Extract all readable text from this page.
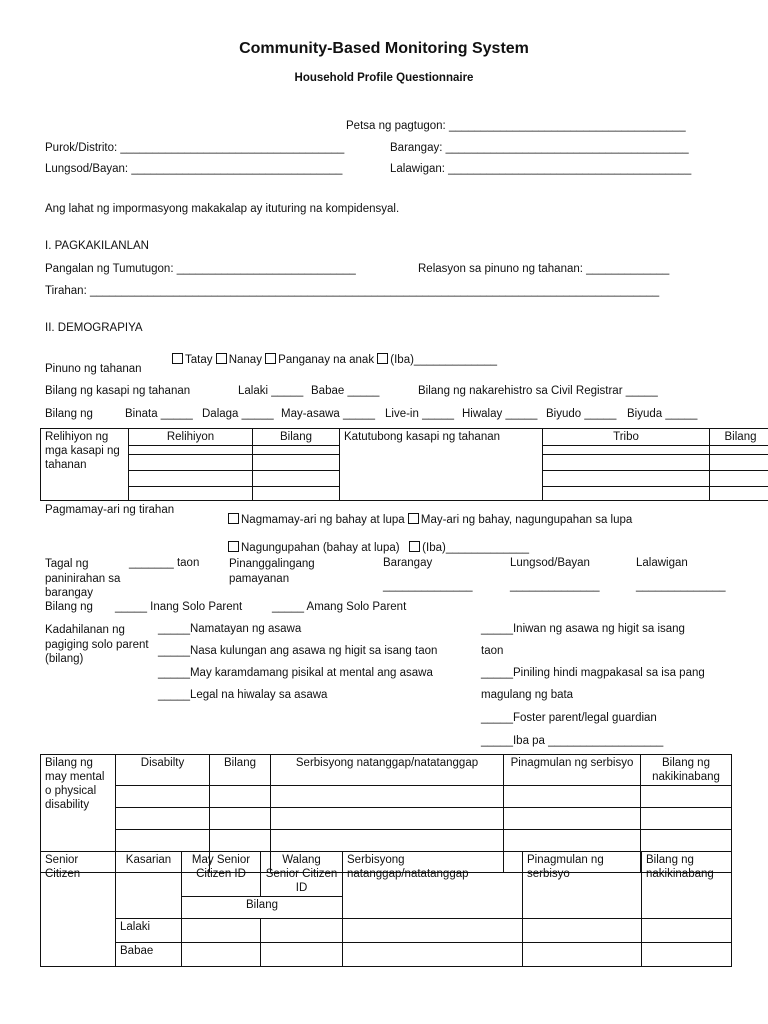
Community-Based Monitoring System
Household Profile Questionnaire
Petsa ng pagtugon: _____________________________________
Purok/Distrito: ___________________________________	Barangay: ______________________________________
Lungsod/Bayan: _________________________________	Lalawigan: ______________________________________
Ang lahat ng impormasyong makakalap ay ituturing na kompidensyal.
I. PAGKAKILANLAN
Pangalan ng Tumutugon: ____________________________	Relasyon sa pinuno ng tahanan: _____________
Tirahan: _________________________________________________________________________________________
II. DEMOGRAPIYA
Pinuno ng tahanan
Tatay Nanay Panganay na anak (Iba)_____________
Bilang ng kasapi ng tahanan	Lalaki _____ Babae _____	Bilang ng nakarehistro sa Civil Registrar _____
Bilang ng	Binata _____ Dalaga _____ May-asawa _____ Live-in _____ Hiwalay _____ Biyudo _____ Biyuda _____
Relihiyon ng mga kasapi ng tahanan	Relihiyon	Bilang	Katutubong kasapi ng tahanan	Tribo	Bilang

Pagmamay-ari ng tirahan
Nagmamay-ari ng bahay at lupa May-ari ng bahay, nagungupahan sa lupa
Nagungupahan (bahay at lupa) (Iba)_____________
Tagal ng paninirahan sa barangay
_______ taon	Pinanggalingang pamayanan
Barangay	Lungsod/Bayan	Lalawigan
______________	______________	______________
Bilang ng _____ Inang Solo Parent	_____ Amang Solo Parent
Kadahilanan ng pagiging solo parent (bilang)
_____Namatayan ng asawa
_____Nasa kulungan ang asawa ng higit sa isang taon
_____May karamdamang pisikal at mental ang asawa
_____Legal na hiwalay sa asawa
_____Iniwan ng asawa ng higit sa isang
taon
_____Piniling hindi magpakasal sa isa pang
magulang ng bata
_____Foster parent/legal guardian
_____Iba pa __________________
Bilang ng may mental o physical disability	Disabilty	Bilang	Serbisyong natanggap/natatanggap	Pinagmulan ng serbisyo	Bilang ng nakikinabang

Senior Citizen	Kasarian	May Senior Citizen ID	Walang Senior Citizen ID	Serbisyong natanggap/natatanggap	Pinagmulan ng serbisyo	Bilang ng nakikinabang
		Bilang				
	Lalaki					
	Babae					
